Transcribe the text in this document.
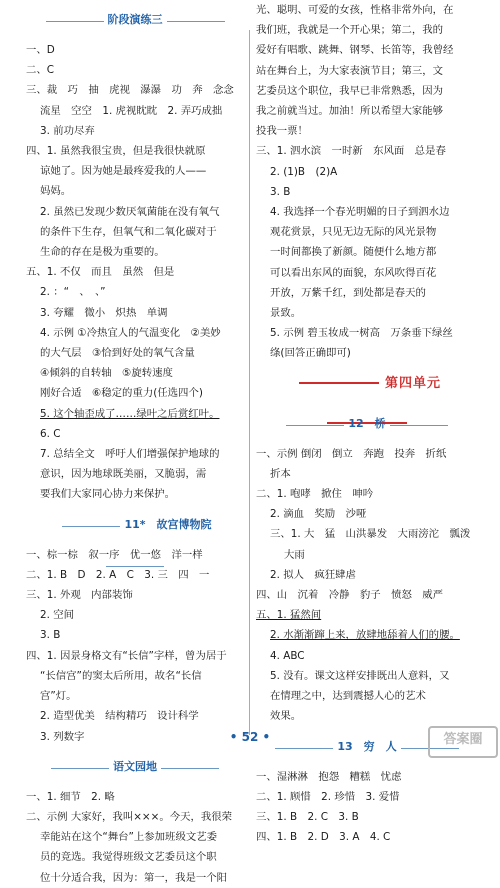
阶段演练三
一、D
二、C
三、裁　巧　抽　虎视　瀑瀑　功　奔　念念
流星　空空　1. 虎视眈眈　2. 弄巧成拙
3. 前功尽弃
四、1. 虽然我很宝贵，但是我很快就原
谅她了。因为她是最疼爱我的人——
妈妈。
2. 虽然已发现少数厌氧菌能在没有氧气
的条件下生存，但氧气和二氧化碳对于
生命的存在是极为重要的。
五、1. 不仅　而且　虽然　但是
2. ：“　、　、”
3. 夸耀　微小　炽热　单调
4. 示例 ①冷热宜人的气温变化　②美妙
的大气层　③恰到好处的氧气含量
④倾斜的自转轴　⑤旋转速度
刚好合适　⑥稳定的重力(任选四个)
5. 这个轴歪成了……绿叶之后赏红叶。
6. C
7. 总结全文　呼吁人们增强保护地球的
意识，因为地球既美丽，又脆弱，需
要我们大家同心协力来保护。
11*　故宫博物院
一、棕一棕　叙一序　优一悠　洋一样
二、1. B　D　2. A　C　3. 三　四　一
三、1. 外观　内部装饰
2. 空间
3. B
四、1. 因景身格文有“长信”字样，曾为居于
“长信宫”的窦太后所用，故名“长信
宫”灯。
2. 造型优美　结构精巧　设计科学
3. 列数字
语文园地
一、1. 细节　2. 略
二、示例 大家好，我叫×××。今天，我很荣
幸能站在这个“舞台”上参加班级文艺委
员的竞选。我觉得班级文艺委员这个职
位十分适合我，因为：第一，我是一个阳
光、聪明、可爱的女孩，性格非常外向，在
我们班，我就是一个开心果；第二，我的
爱好有唱歌、跳舞、钢琴、长笛等，我曾经
站在舞台上，为大家表演节目；第三，文
艺委员这个职位，我早已非常熟悉，因为
我之前就当过。加油！所以希望大家能够
投我一票！
三、1. 泗水滨　一时新　东风面　总是春
2. (1)B　(2)A
3. B
4. 我选择一个春光明媚的日子到泗水边
观花赏景，只见无边无际的风光景物
一时间都换了新颜。随便什么地方都
可以看出东风的面貌，东风吹得百花
开放，万紫千红，到处都是春天的
景致。
5. 示例 碧玉妆成一树高　万条垂下绿丝
绦(回答正确即可)
第四单元
12　桥
一、示例 倒闭　倒立　奔跑　投奔　折纸
折本
二、1. 咆哮　掀住　呻吟
2. 滴血　奖励　沙哑
三、1. 大　猛　山洪暴发　大雨滂沱　瓢泼
大雨
2. 拟人　疯狂肆虐
四、山　沉着　冷静　豹子　愤怒　威严
五、1. 猛然间
2. 水渐渐蹿上来，放肆地舔着人们的腰。
4. ABC
5. 没有。课文这样安排既出人意料，又
在情理之中，达到震撼人心的艺术
效果。
13　穷　人
一、湿淋淋　抱怨　糟糕　忧虑
二、1. 顾惜　2. 珍惜　3. 爱惜
三、1. B　2. C　3. B
四、1. B　2. D　3. A　4. C
• 52 •	答案圈
